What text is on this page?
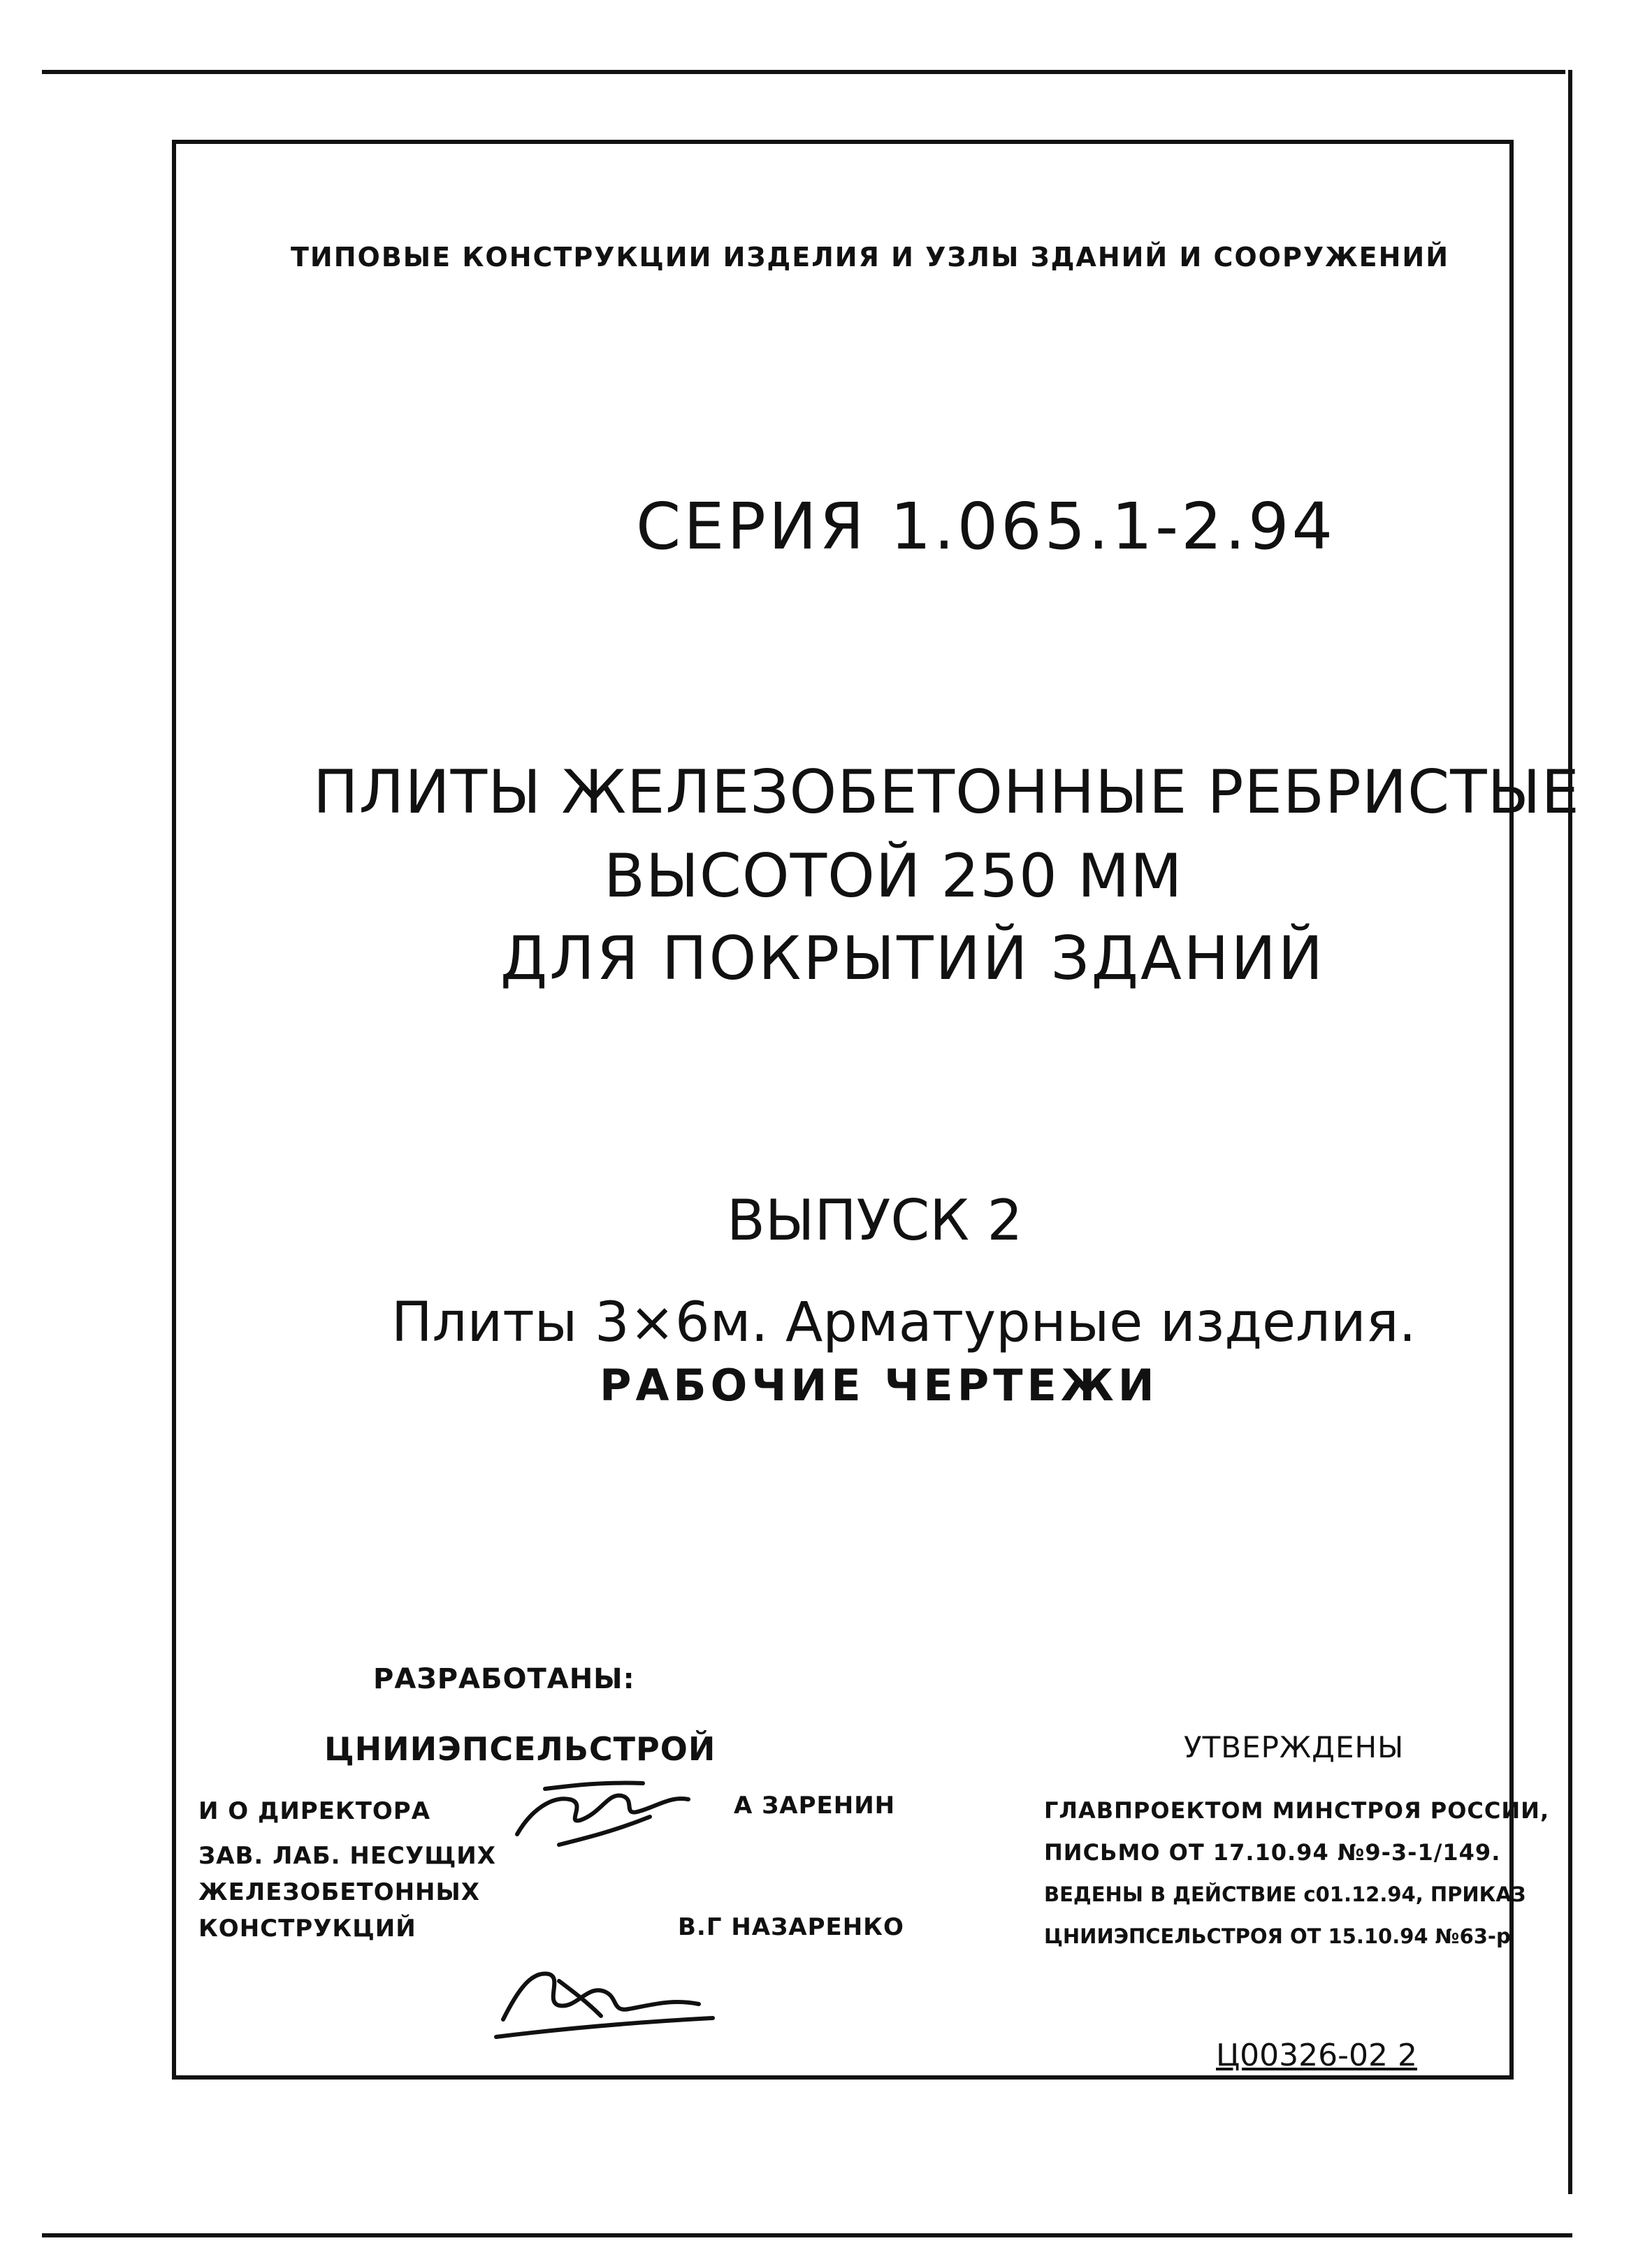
ТИПОВЫЕ КОНСТРУКЦИИ ИЗДЕЛИЯ И УЗЛЫ ЗДАНИЙ И СООРУЖЕНИЙ
СЕРИЯ 1.065.1-2.94
ПЛИТЫ ЖЕЛЕЗОБЕТОННЫЕ РЕБРИСТЫЕ
ВЫСОТОЙ 250 ММ
ДЛЯ ПОКРЫТИЙ ЗДАНИЙ
ВЫПУСК 2
Плиты 3×6м. Арматурные изделия.
РАБОЧИЕ ЧЕРТЕЖИ
РАЗРАБОТАНЫ:
ЦНИИЭПСЕЛЬСТРОЙ
И О ДИРЕКТОРА	А ЗАРЕНИН
ЗАВ. ЛАБ. НЕСУЩИХ
ЖЕЛЕЗОБЕТОННЫХ
КОНСТРУКЦИЙ	В.Г НАЗАРЕНКО
УТВЕРЖДЕНЫ
ГЛАВПРОЕКТОМ МИНСТРОЯ РОССИИ,
ПИСЬМО ОТ 17.10.94 №9-3-1/149.
ВЕДЕНЫ В ДЕЙСТВИЕ с01.12.94, ПРИКАЗ
ЦНИИЭПСЕЛЬСТРОЯ ОТ 15.10.94 №63-р
Ц00326-02 2
